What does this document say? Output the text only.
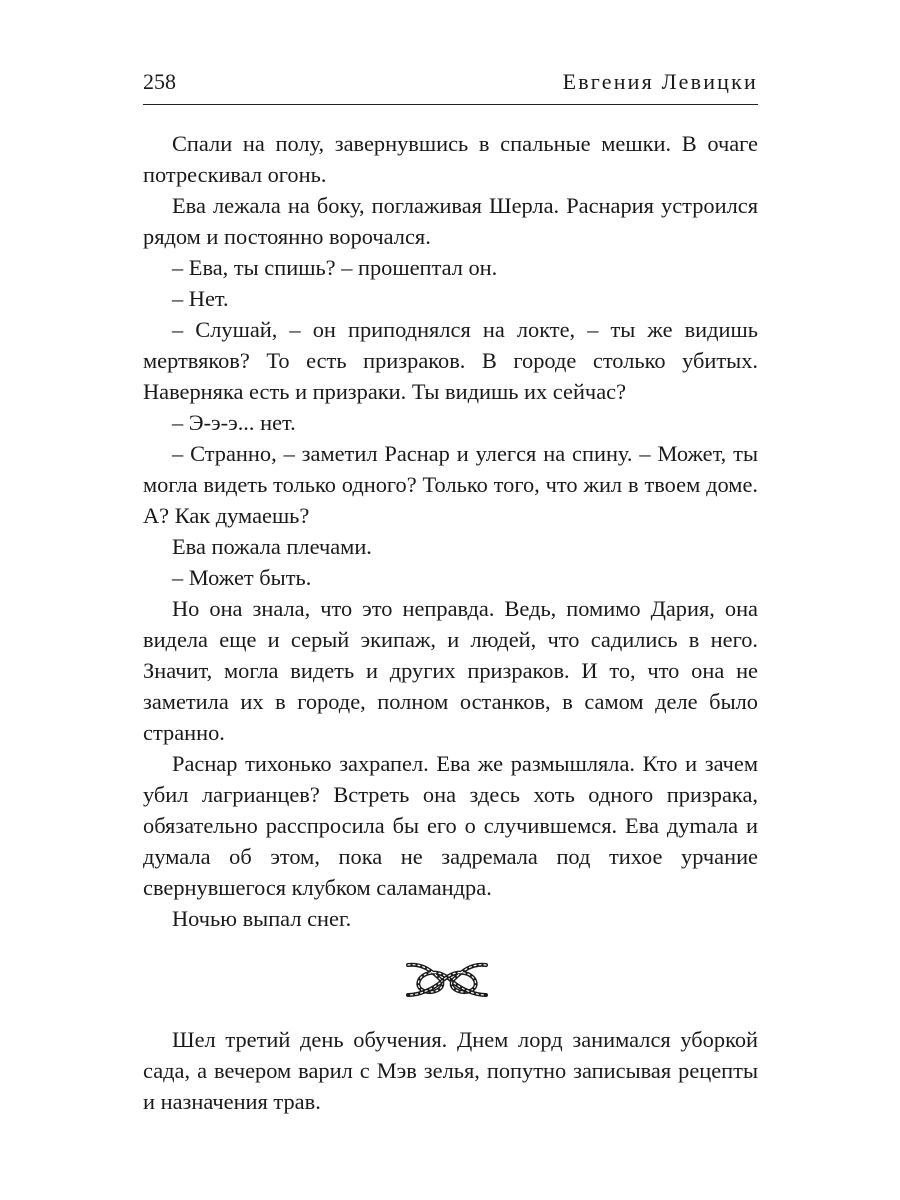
258	Евгения Левицки

Спали на полу, завернувшись в спальные мешки. В очаге потрескивал огонь.

Ева лежала на боку, поглаживая Шерла. Раснария устроился рядом и постоянно ворочался.

– Ева, ты спишь? – прошептал он.

– Нет.

– Слушай, – он приподнялся на локте, – ты же видишь мертвяков? То есть призраков. В городе столько убитых. Наверняка есть и призраки. Ты видишь их сейчас?

– Э-э-э... нет.

– Странно, – заметил Раснар и улегся на спину. – Может, ты могла видеть только одного? Только того, что жил в твоем доме. А? Как думаешь?

Ева пожала плечами.

– Может быть.

Но она знала, что это неправда. Ведь, помимо Дария, она видела еще и серый экипаж, и людей, что садились в него. Значит, могла видеть и других призраков. И то, что она не заметила их в городе, полном останков, в самом деле было странно.

Раснар тихонько захрапел. Ева же размышляла. Кто и зачем убил лагрианцев? Встреть она здесь хоть одного призрака, обязательно расспросила бы его о случившемся. Ева дуmала и думала об этом, пока не задремала под тихое урчание свернувшегося клубком саламандра.

Ночью выпал снег.

Шел третий день обучения. Днем лорд занимался уборкой сада, а вечером варил с Мэв зелья, попутно записывая рецепты и назначения трав.
